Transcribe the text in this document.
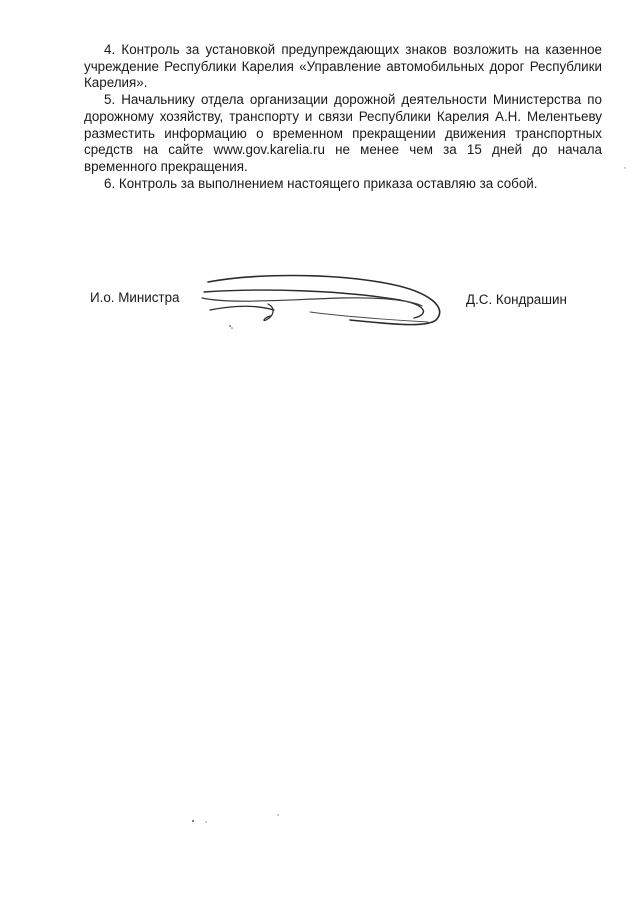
4. Контроль за установкой предупреждающих знаков возложить на казенное учреждение Республики Карелия «Управление автомобильных дорог Республики Карелия».

5. Начальнику отдела организации дорожной деятельности Министерства по дорожному хозяйству, транспорту и связи Республики Карелия А.Н. Мелентьеву разместить информацию о временном прекращении движения транспортных средств на сайте www.gov.karelia.ru не менее чем за 15 дней до начала временного прекращения.

6. Контроль за выполнением настоящего приказа оставляю за собой.

И.о. Министра	Д.С. Кондрашин
